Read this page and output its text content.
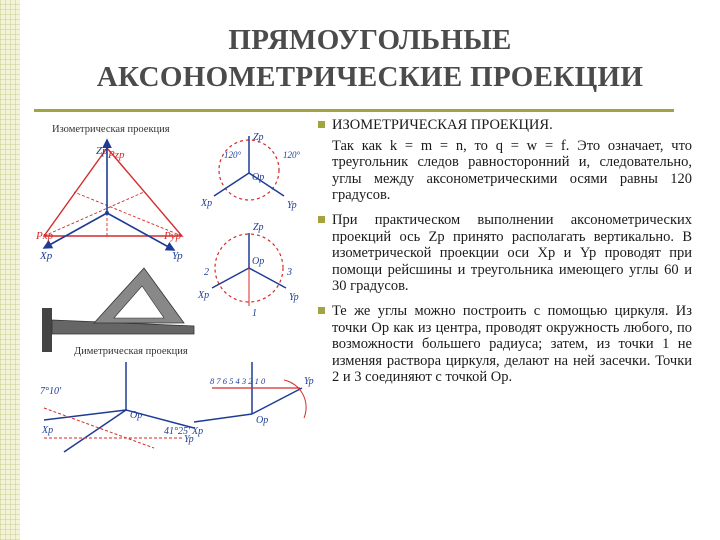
ПРЯМОУГОЛЬНЫЕ
АКСОНОМЕТРИЧЕСКИЕ ПРОЕКЦИИ
Изометрическая проекция
Pzp
Zp
Pxp	Pyp
Xp	Yp
Zp
Op
120°	120°
Xp	Yp
Zp
Op
2	3
1
Xp	Yp
Диметрическая проекция
7°10'
41°25'
Op
Xp
Yp
8 7 6 5 4 3 2 1 0
Op
Xp
Yp
ИЗОМЕТРИЧЕСКАЯ ПРОЕКЦИЯ.
Так как k = m = n, то q = w = f. Это означает, что треугольник следов равносторонний и, следовательно, углы между аксонометрическими осями равны 120 градусов.
При практическом выполнении аксонометрических проекций ось Zp принято располагать вертикально. В изометрической проекции оси Xp и Yp проводят при помощи рейсшины и треугольника имеющего углы 60 и 30 градусов.
Те же углы можно построить с помощью циркуля. Из точки Op как из центра, проводят окружность любого, по возможности большего радиуса; затем, из точки 1 не изменяя раствора циркуля, делают на ней засечки. Точки 2 и 3 соединяют с точкой Op.
